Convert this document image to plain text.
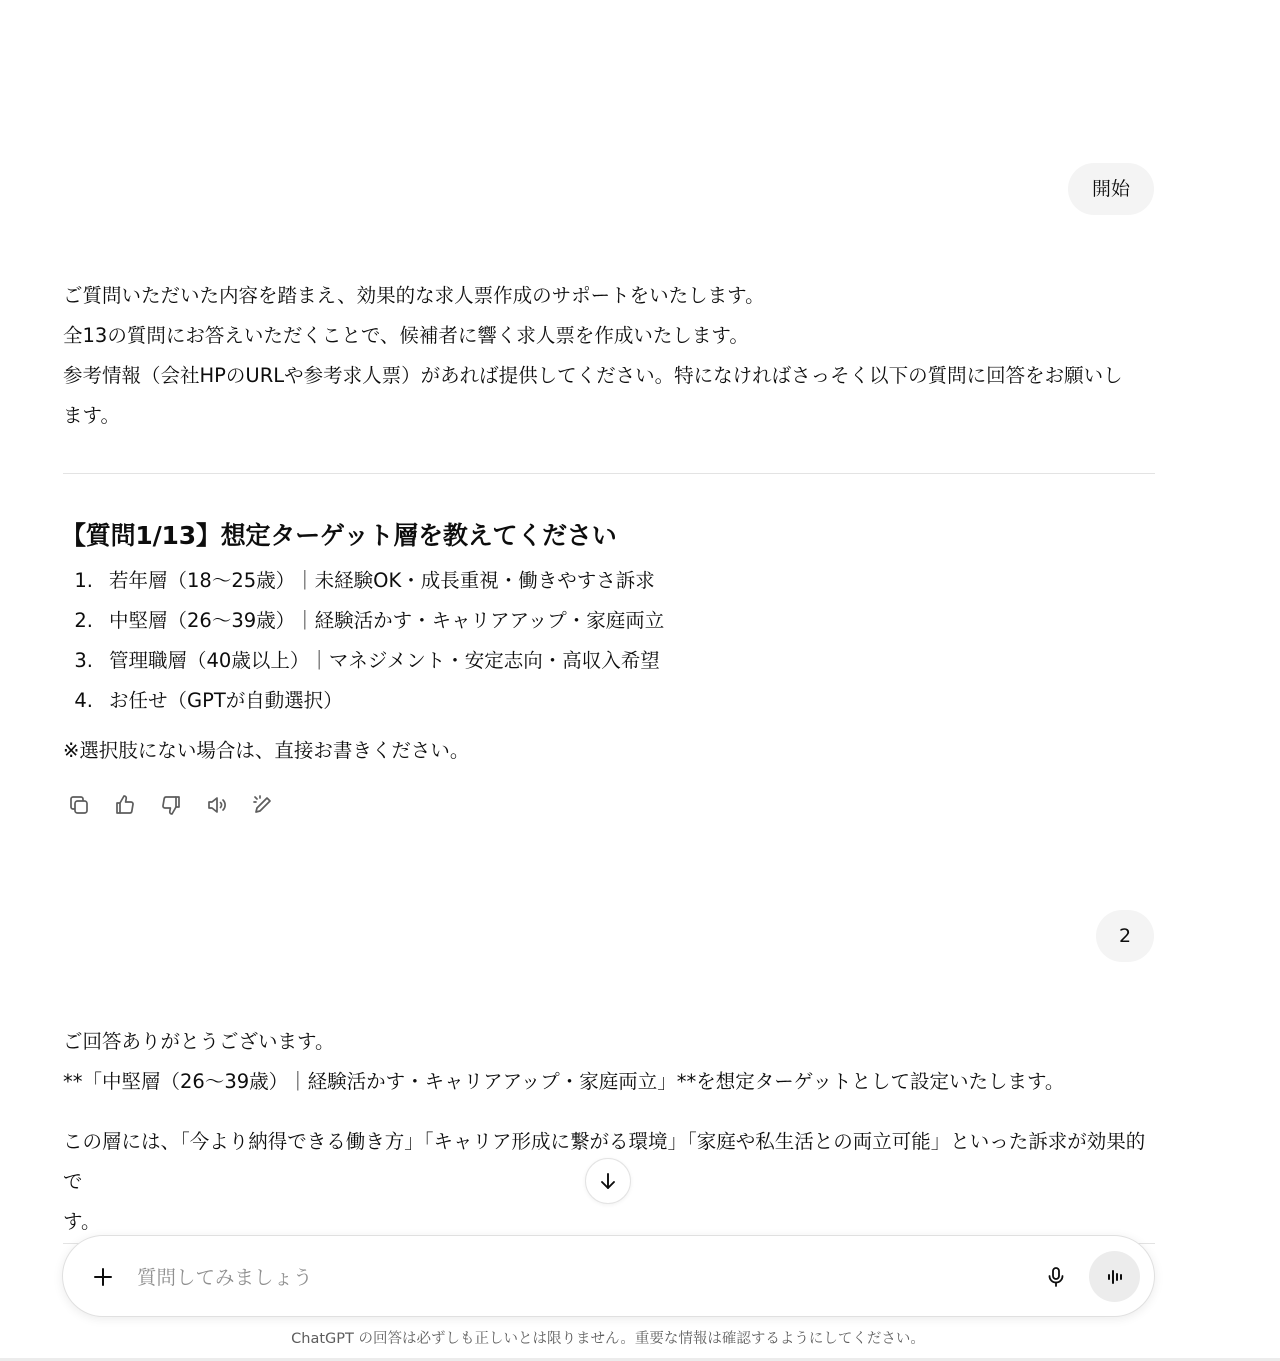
開始

ご質問いただいた内容を踏まえ、効果的な求人票作成のサポートをいたします。

全13の質問にお答えいただくことで、候補者に響く求人票を作成いたします。

参考情報（会社HPのURLや参考求人票）があれば提供してください。特になければさっそく以下の質問に回答をお願いし

ます。

【質問1/13】想定ターゲット層を教えてください
1. 若年層（18〜25歳）｜未経験OK・成長重視・働きやすさ訴求
2. 中堅層（26〜39歳）｜経験活かす・キャリアアップ・家庭両立
3. 管理職層（40歳以上）｜マネジメント・安定志向・高収入希望
4. お任せ（GPTが自動選択）

※選択肢にない場合は、直接お書きください。

2

ご回答ありがとうございます。

**「中堅層（26〜39歳）｜経験活かす・キャリアアップ・家庭両立」**を想定ターゲットとして設定いたします。

この層には、「今より納得できる働き方」「キャリア形成に繋がる環境」「家庭や私生活との両立可能」といった訴求が効果的で

す。

質問してみましょう
ChatGPT の回答は必ずしも正しいとは限りません。重要な情報は確認するようにしてください。
